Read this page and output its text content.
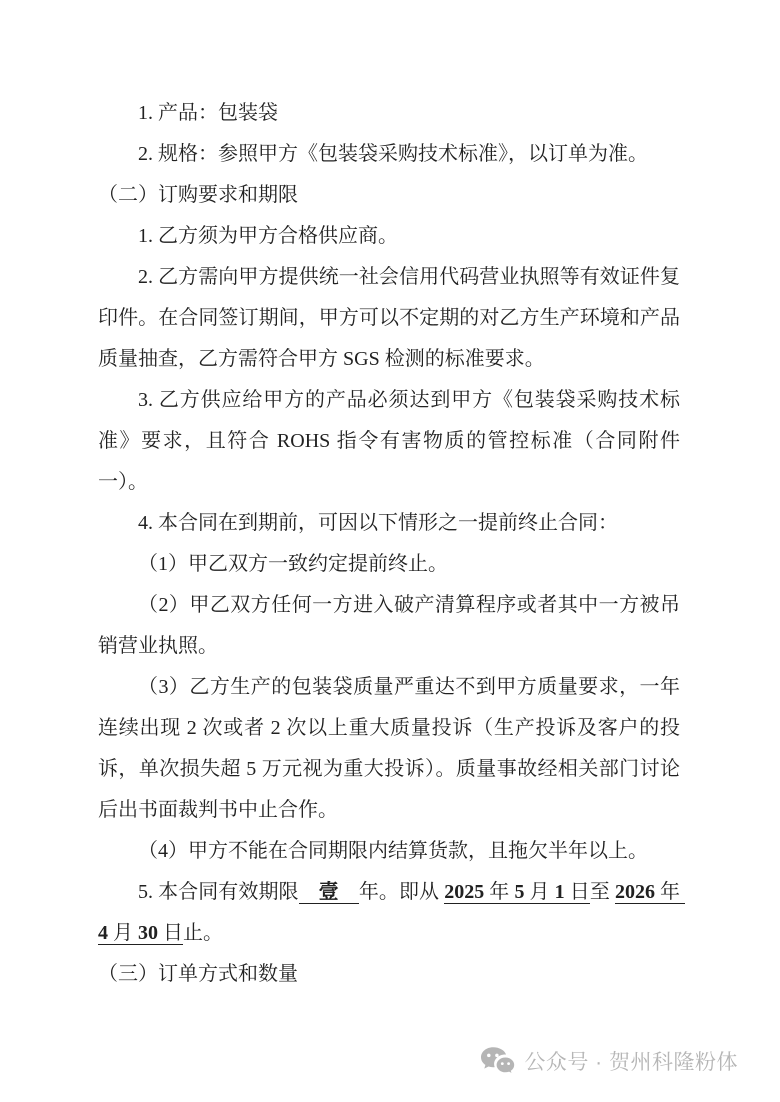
1. 产品：包装袋

2. 规格：参照甲方《包装袋采购技术标准》，以订单为准。

（二）订购要求和期限

1. 乙方须为甲方合格供应商。

2. 乙方需向甲方提供统一社会信用代码营业执照等有效证件复印件。在合同签订期间，甲方可以不定期的对乙方生产环境和产品质量抽查，乙方需符合甲方 SGS 检测的标准要求。

3. 乙方供应给甲方的产品必须达到甲方《包装袋采购技术标准》要求，且符合 ROHS 指令有害物质的管控标准（合同附件一）。

4. 本合同在到期前，可因以下情形之一提前终止合同：

（1）甲乙双方一致约定提前终止。

（2）甲乙双方任何一方进入破产清算程序或者其中一方被吊销营业执照。

（3）乙方生产的包装袋质量严重达不到甲方质量要求，一年连续出现 2 次或者 2 次以上重大质量投诉（生产投诉及客户的投诉，单次损失超 5 万元视为重大投诉）。质量事故经相关部门讨论后出书面裁判书中止合作。

（4）甲方不能在合同期限内结算货款，且拖欠半年以上。

5. 本合同有效期限　 壹　 年。即从 2025 年 5 月 1 日至 2026 年 4 月 30 日止。

（三）订单方式和数量

公众号 · 贺州科隆粉体
